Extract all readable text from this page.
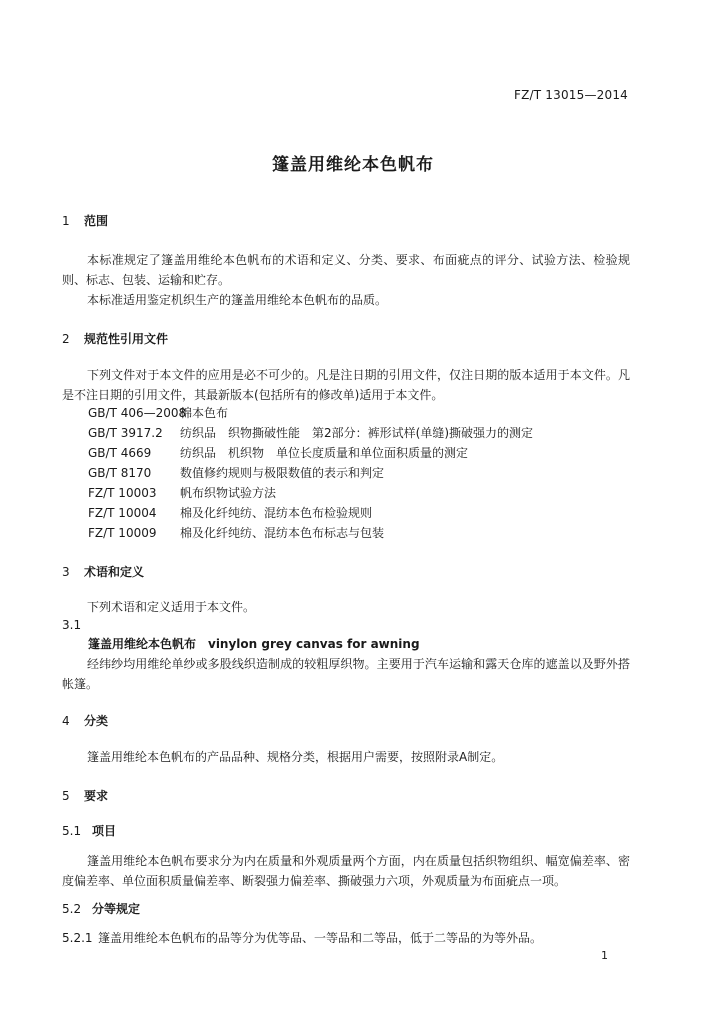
FZ/T 13015—2014
篷盖用维纶本色帆布
1 范围
本标准规定了篷盖用维纶本色帆布的术语和定义、分类、要求、布面疵点的评分、试验方法、检验规则、标志、包装、运输和贮存。
本标准适用鉴定机织生产的篷盖用维纶本色帆布的品质。
2 规范性引用文件
下列文件对于本文件的应用是必不可少的。凡是注日期的引用文件，仅注日期的版本适用于本文件。凡是不注日期的引用文件，其最新版本(包括所有的修改单)适用于本文件。
GB/T 406—2008棉本色布
GB/T 3917.2 纺织品　织物撕破性能　第2部分：裤形试样(单缝)撕破强力的测定
GB/T 4669 纺织品　机织物　单位长度质量和单位面积质量的测定
GB/T 8170 数值修约规则与极限数值的表示和判定
FZ/T 10003 帆布织物试验方法
FZ/T 10004 棉及化纤纯纺、混纺本色布检验规则
FZ/T 10009 棉及化纤纯纺、混纺本色布标志与包装
3 术语和定义
下列术语和定义适用于本文件。
3.1
篷盖用维纶本色帆布　vinylon grey canvas for awning
经纬纱均用维纶单纱或多股线织造制成的较粗厚织物。主要用于汽车运输和露天仓库的遮盖以及野外搭帐篷。
4 分类
篷盖用维纶本色帆布的产品品种、规格分类，根据用户需要，按照附录A制定。
5 要求
5.1 项目
篷盖用维纶本色帆布要求分为内在质量和外观质量两个方面，内在质量包括织物组织、幅宽偏差率、密度偏差率、单位面积质量偏差率、断裂强力偏差率、撕破强力六项，外观质量为布面疵点一项。
5.2 分等规定
5.2.1 篷盖用维纶本色帆布的品等分为优等品、一等品和二等品，低于二等品的为等外品。
1
